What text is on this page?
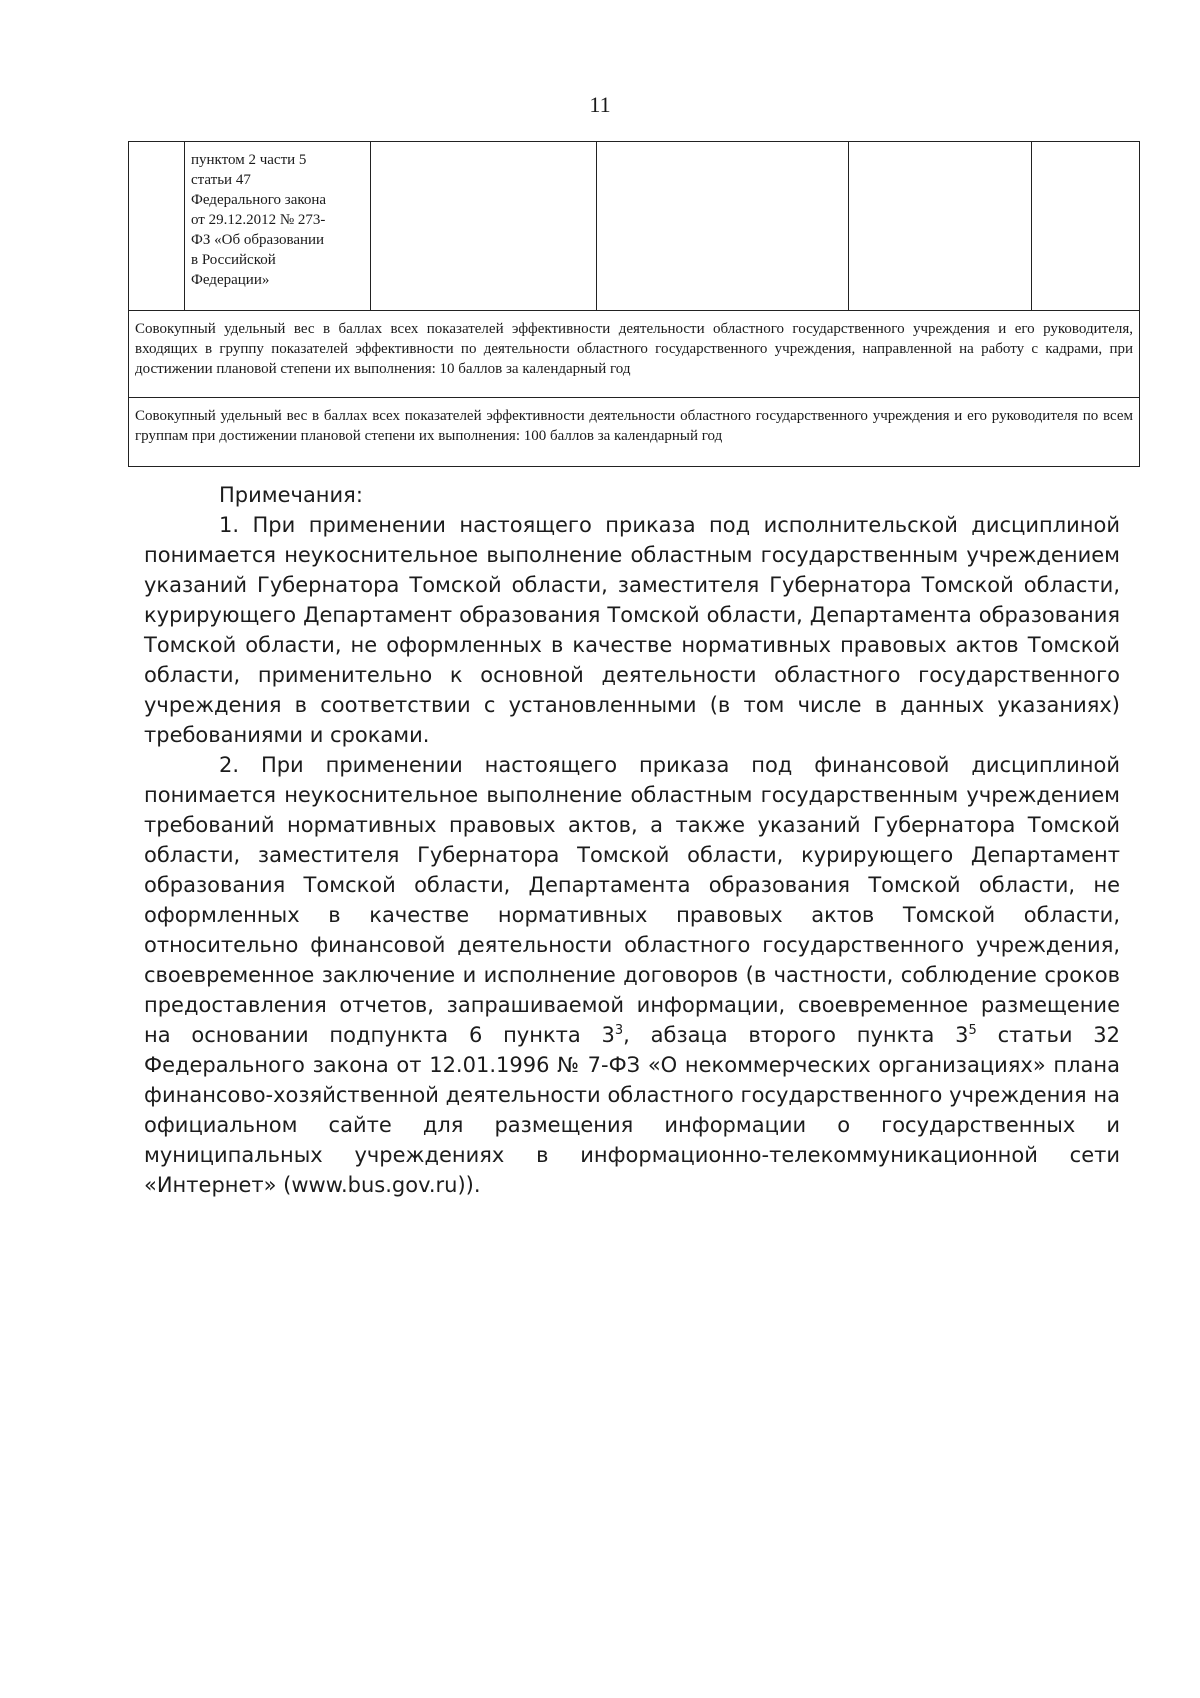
11

пунктом 2 части 5
статьи 47
Федерального закона
от 29.12.2012 № 273-
ФЗ «Об образовании
в Российской
Федерации»

Совокупный удельный вес в баллах всех показателей эффективности деятельности областного государственного учреждения и его руководителя, входящих в группу показателей эффективности по деятельности областного государственного учреждения, направленной на работу с кадрами, при достижении плановой степени их выполнения: 10 баллов за календарный год
Совокупный удельный вес в баллах всех показателей эффективности деятельности областного государственного учреждения и его руководителя по всем группам при достижении плановой степени их выполнения: 100 баллов за календарный год
Примечания:

1. При применении настоящего приказа под исполнительской дисциплиной понимается неукоснительное выполнение областным государственным учреждением указаний Губернатора Томской области, заместителя Губернатора Томской области, курирующего Департамент образования Томской области, Департамента образования Томской области, не оформленных в качестве нормативных правовых актов Томской области, применительно к основной деятельности областного государственного учреждения в соответствии с установленными (в том числе в данных указаниях) требованиями и сроками.

2. При применении настоящего приказа под финансовой дисциплиной понимается неукоснительное выполнение областным государственным учреждением требований нормативных правовых актов, а также указаний Губернатора Томской области, заместителя Губернатора Томской области, курирующего Департамент образования Томской области, Департамента образования Томской области, не оформленных в качестве нормативных правовых актов Томской области, относительно финансовой деятельности областного государственного учреждения, своевременное заключение и исполнение договоров (в частности, соблюдение сроков предоставления отчетов, запрашиваемой информации, своевременное размещение на основании подпункта 6 пункта $3^3$, абзаца второго пункта $3^5$ статьи 32 Федерального закона от 12.01.1996 № 7-ФЗ «О некоммерческих организациях» плана финансово-хозяйственной деятельности областного государственного учреждения на официальном сайте для размещения информации о государственных и муниципальных учреждениях в информационно-телекоммуникационной сети «Интернет» (www.bus.gov.ru)).
